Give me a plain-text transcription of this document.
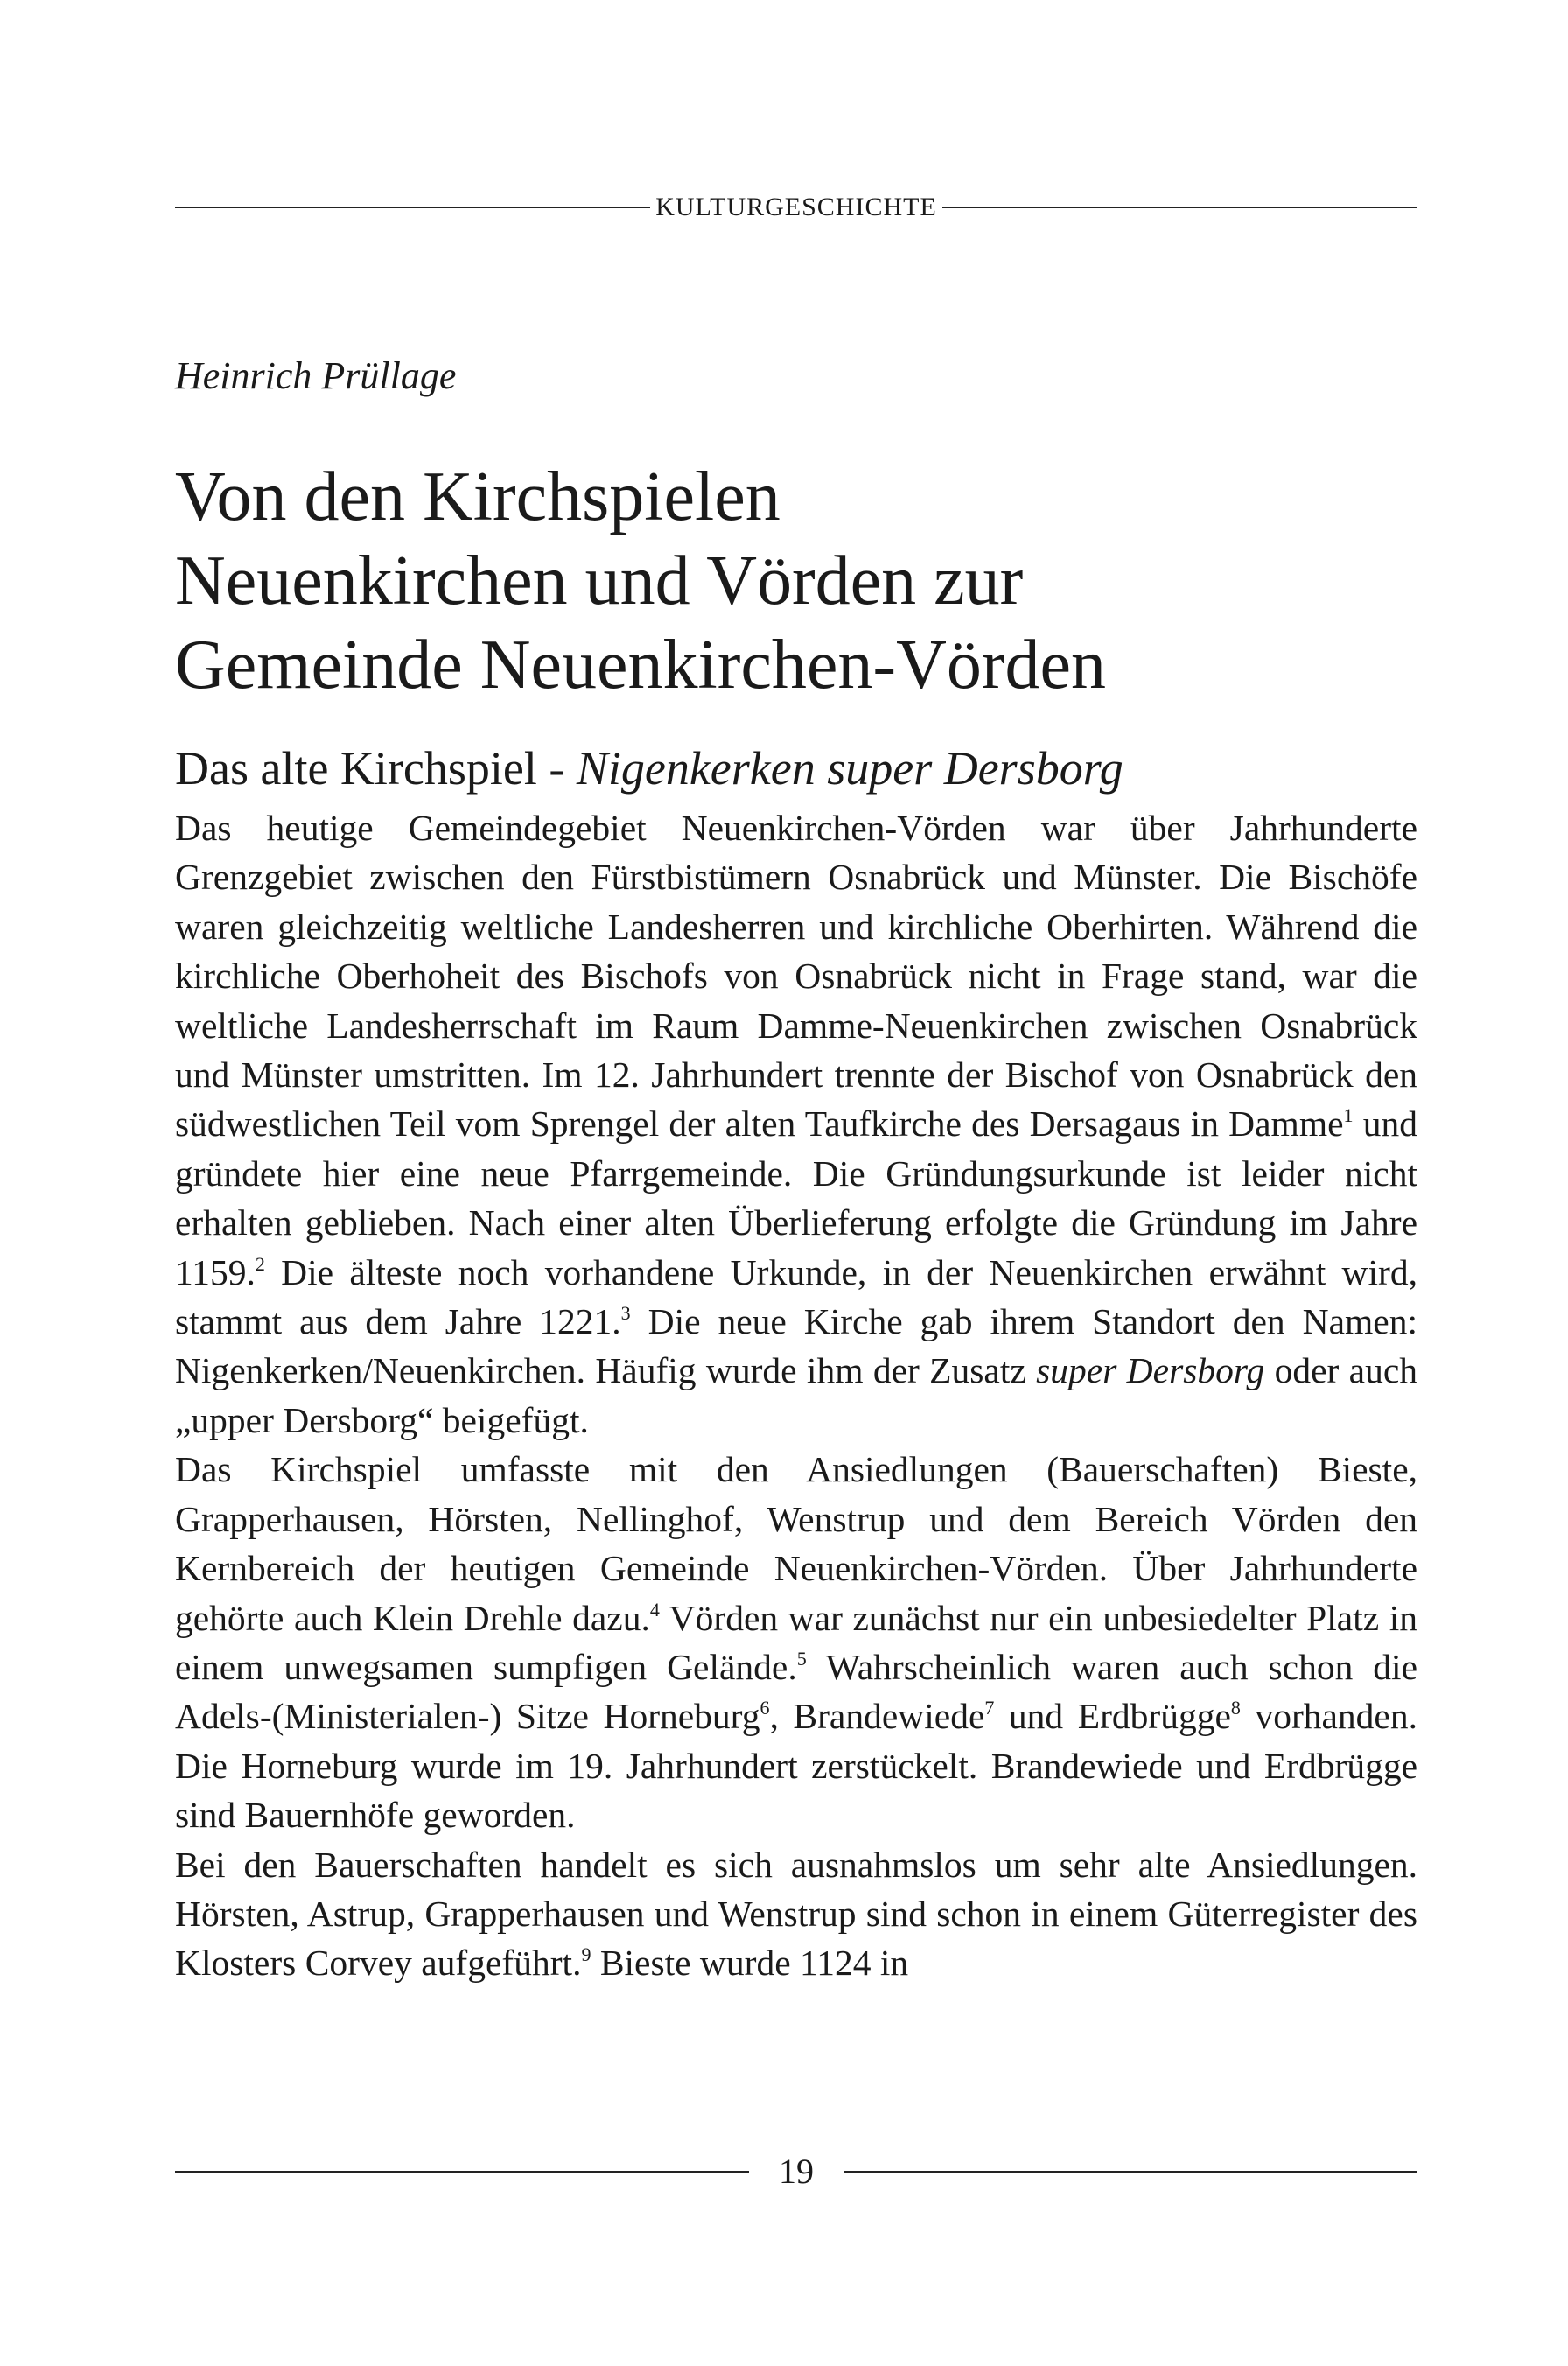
KULTURGESCHICHTE
Heinrich Prüllage
Von den Kirchspielen
Neuenkirchen und Vörden zur
Gemeinde Neuenkirchen-Vörden
Das alte Kirchspiel - Nigenkerken super Dersborg

Das heutige Gemeindegebiet Neuenkirchen-Vörden war über Jahrhunderte Grenzgebiet zwischen den Fürstbistümern Osnabrück und Münster. Die Bischöfe waren gleichzeitig weltliche Landesherren und kirchliche Oberhirten. Während die kirchliche Oberhoheit des Bischofs von Osnabrück nicht in Frage stand, war die weltliche Landesherrschaft im Raum Damme-Neuenkirchen zwischen Osnabrück und Münster umstritten. Im 12. Jahrhundert trennte der Bischof von Osnabrück den südwestlichen Teil vom Sprengel der alten Taufkirche des Dersagaus in Damme$^1$ und gründete hier eine neue Pfarrgemeinde. Die Gründungsurkunde ist leider nicht erhalten geblieben. Nach einer alten Überlieferung erfolgte die Gründung im Jahre 1159.$^2$ Die älteste noch vorhandene Urkunde, in der Neuenkirchen erwähnt wird, stammt aus dem Jahre 1221.$^3$ Die neue Kirche gab ihrem Standort den Namen: Nigenkerken/Neuenkirchen. Häufig wurde ihm der Zusatz super Dersborg oder auch „upper Dersborg“ beigefügt.

Das Kirchspiel umfasste mit den Ansiedlungen (Bauerschaften) Bieste, Grapperhausen, Hörsten, Nellinghof, Wenstrup und dem Bereich Vörden den Kernbereich der heutigen Gemeinde Neuenkirchen-Vörden. Über Jahrhunderte gehörte auch Klein Drehle dazu.$^4$ Vörden war zunächst nur ein unbesiedelter Platz in einem unwegsamen sumpfigen Gelände.$^5$ Wahrscheinlich waren auch schon die Adels-(Ministerialen-) Sitze Horneburg$^6$, Brandewiede$^7$ und Erdbrügge$^8$ vorhanden. Die Horneburg wurde im 19. Jahrhundert zerstückelt. Brandewiede und Erdbrügge sind Bauernhöfe geworden.

Bei den Bauerschaften handelt es sich ausnahmslos um sehr alte Ansiedlungen. Hörsten, Astrup, Grapperhausen und Wenstrup sind schon in einem Güterregister des Klosters Corvey aufgeführt.$^9$ Bieste wurde 1124 in

19
